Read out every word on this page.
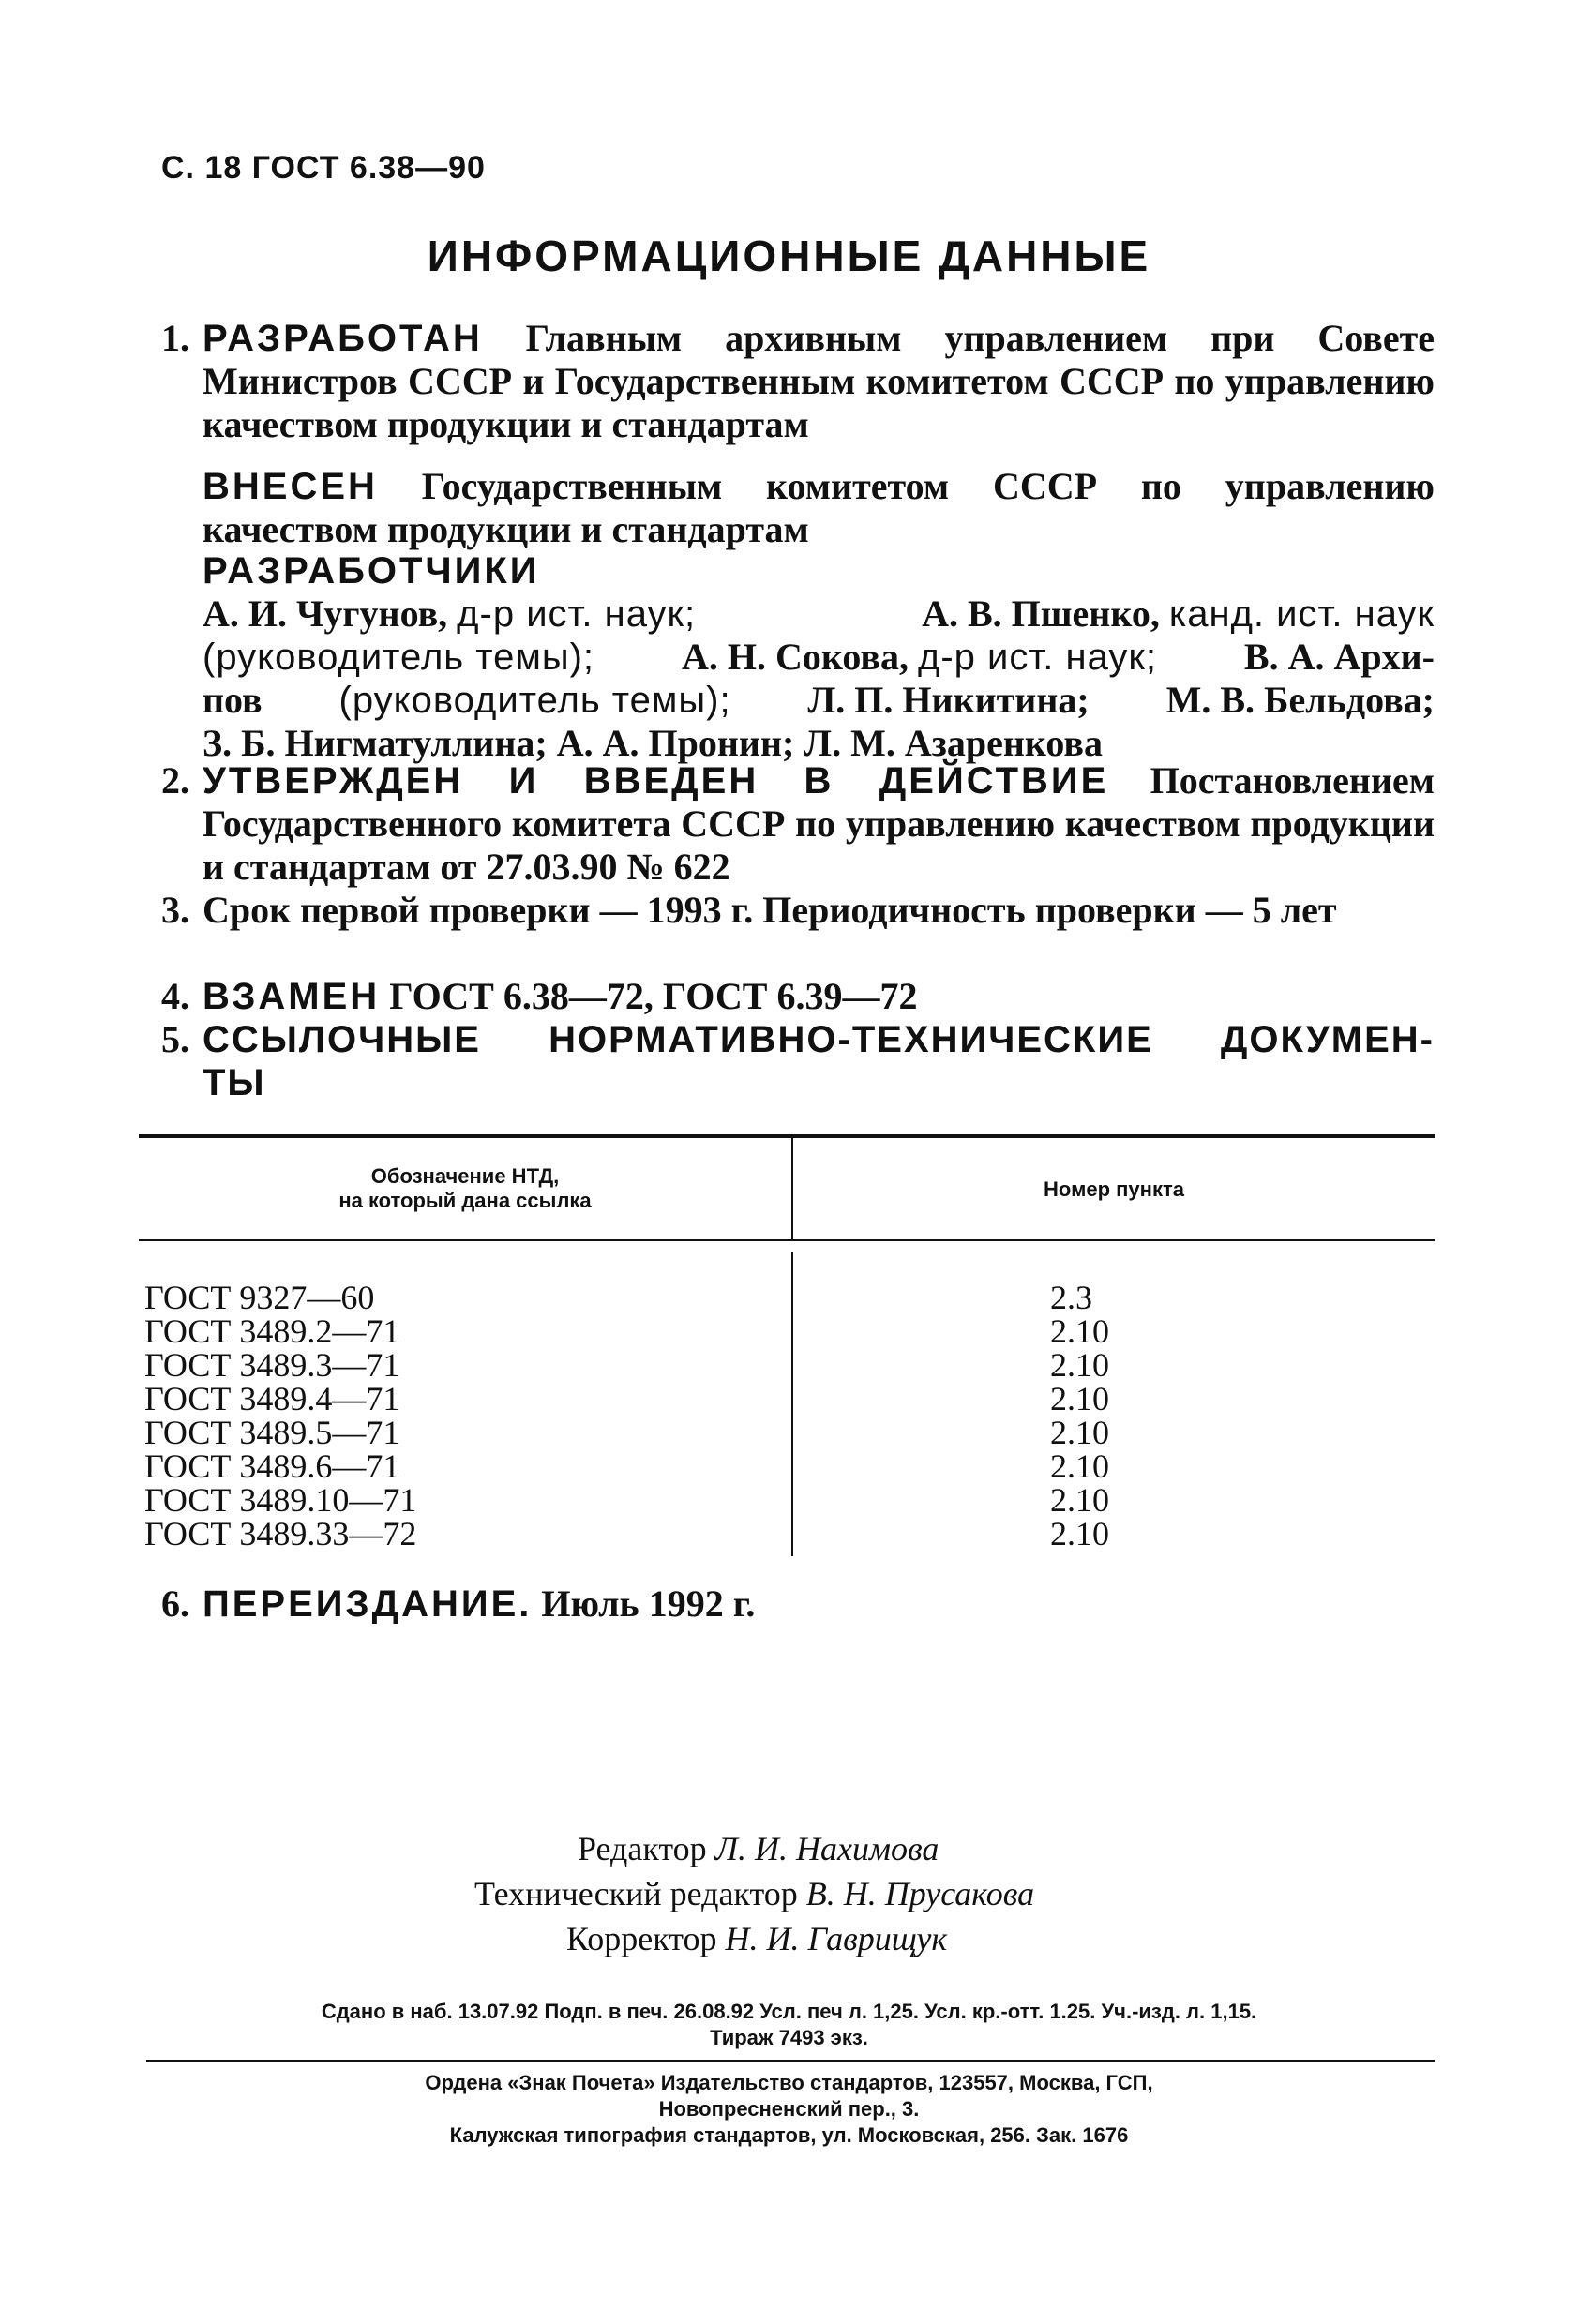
С. 18 ГОСТ 6.38—90
ИНФОРМАЦИОННЫЕ ДАННЫЕ
1. РАЗРАБОТАН Главным архивным управлением при Совете Министров СССР и Государственным комитетом СССР по управлению качеством продукции и стандартам
ВНЕСЕН Государственным комитетом СССР по управлению качеством продукции и стандартам
РАЗРАБОТЧИКИ
А. И. Чугунов, д-р ист. наук;	А. В. Пшенко, канд. ист. наук
(руководитель темы); А. Н. Сокова, д-р ист. наук; В. А. Архи-
пов (руководитель темы); Л. П. Никитина; М. В. Бельдова;
З. Б. Нигматуллина; А. А. Пронин; Л. М. Азаренкова
2. УТВЕРЖДЕН И ВВЕДЕН В ДЕЙСТВИЕ Постановлением Государственного комитета СССР по управлению качеством продукции и стандартам от 27.03.90 № 622
3. Срок первой проверки — 1993 г. Периодичность проверки — 5 лет
4. ВЗАМЕН ГОСТ 6.38—72, ГОСТ 6.39—72
5. ССЫЛОЧНЫЕ НОРМАТИВНО-ТЕХНИЧЕСКИЕ ДОКУМЕН-
ТЫ
Обозначение НТД,
на который дана ссылка	Номер пункта
ГОСТ 9327—60
ГОСТ 3489.2—71
ГОСТ 3489.3—71
ГОСТ 3489.4—71
ГОСТ 3489.5—71
ГОСТ 3489.6—71
ГОСТ 3489.10—71
ГОСТ 3489.33—72
2.3
2.10
2.10
2.10
2.10
2.10
2.10
2.10
6. ПЕРЕИЗДАНИЕ. Июль 1992 г.
Редактор Л. И. Нахимова
Технический редактор В. Н. Прусакова
Корректор Н. И. Гаврищук
Сдано в наб. 13.07.92 Подп. в печ. 26.08.92 Усл. печ л. 1,25. Усл. кр.-отт. 1.25. Уч.-изд. л. 1,15.
Тираж 7493 экз.
Ордена «Знак Почета» Издательство стандартов, 123557, Москва, ГСП,
Новопресненский пер., 3.
Калужская типография стандартов, ул. Московская, 256. Зак. 1676
